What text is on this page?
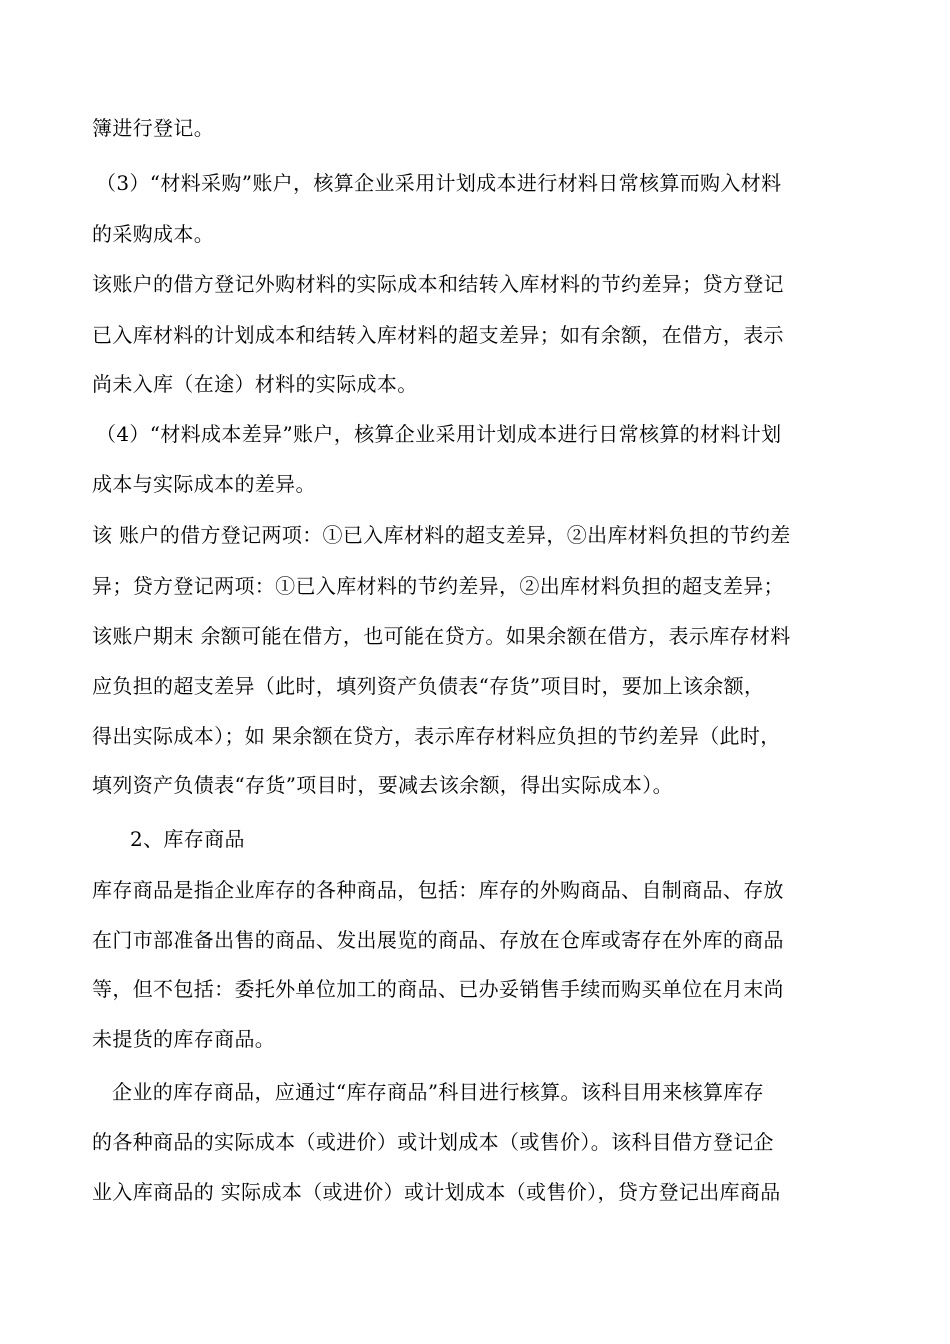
簿进行登记。
（3）“材料采购”账户，核算企业采用计划成本进行材料日常核算而购入材料
的采购成本。
该账户的借方登记外购材料的实际成本和结转入库材料的节约差异；贷方登记
已入库材料的计划成本和结转入库材料的超支差异；如有余额，在借方，表示
尚未入库（在途）材料的实际成本。
（4）“材料成本差异”账户，核算企业采用计划成本进行日常核算的材料计划
成本与实际成本的差异。
该 账户的借方登记两项：①已入库材料的超支差异，②出库材料负担的节约差
异；贷方登记两项：①已入库材料的节约差异，②出库材料负担的超支差异；
该账户期末 余额可能在借方，也可能在贷方。如果余额在借方，表示库存材料
应负担的超支差异（此时，填列资产负债表“存货”项目时，要加上该余额，
得出实际成本）；如 果余额在贷方，表示库存材料应负担的节约差异（此时，
填列资产负债表“存货”项目时，要减去该余额，得出实际成本）。
2、库存商品
库存商品是指企业库存的各种商品，包括：库存的外购商品、自制商品、存放
在门市部准备出售的商品、发出展览的商品、存放在仓库或寄存在外库的商品
等，但不包括：委托外单位加工的商品、已办妥销售手续而购买单位在月末尚
未提货的库存商品。
企业的库存商品，应通过“库存商品”科目进行核算。该科目用来核算库存
的各种商品的实际成本（或进价）或计划成本（或售价）。该科目借方登记企
业入库商品的 实际成本（或进价）或计划成本（或售价），贷方登记出库商品
